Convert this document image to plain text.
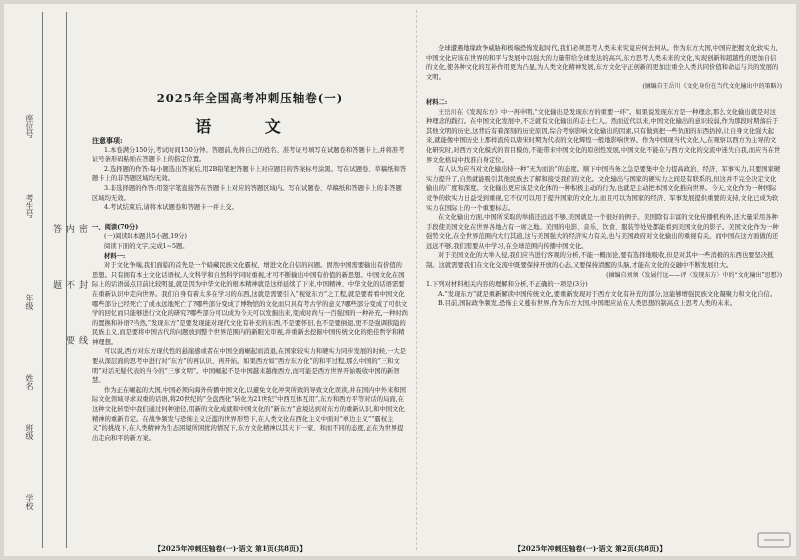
座位号
考生号
年级
姓名
班级
学校
密 封 线 内 不 要 答 题
2025年全国高考冲刺压轴卷(一)
语 文
注意事项:

1.本卷满分150分,考试时间150分钟。答题前,先将自己的姓名、准考证号填写在试题卷和答题卡上,并将准考证号条形码粘贴在答题卡上的指定位置。

2.选择题的作答:每小题选出答案后,用2B铅笔把答题卡上对应题目的答案标号涂黑。写在试题卷、草稿纸和答题卡上的非答题区域均无效。

3.非选择题的作答:用签字笔直接答在答题卡上对应的答题区域内。写在试题卷、草稿纸和答题卡上的非答题区域均无效。

4.考试结束后,请将本试题卷和答题卡一并上交。

一、阅读(70分)

(一)阅读Ⅰ(本题共5小题,19分)

阅读下面的文字,完成1~5题。

材料一:

对于文化争端,我们面临的首先是一个暗藏民族文化霸权、增进文化自信的问题。固然中国需要输出有价值的思想。只有拥有本土文化话语权,人文科学和自然科学同时重视,才可不断输出中国有价值的新思想。中国文化在国际上的话语弱点目前比较明显,就是因为中华文化的根本精神就是这样延续了下来,中国精神、中华文化的话语需要在重新认识中走向世界。我们自身有着太多在学习的东西,这就是需要引入“视觉东方”之工程,就是要看看中国文化哪些部分已经死亡了或永远地死亡了?哪些部分变成了博物馆的文化而只具有考古学的意义?哪些部分变成了可供文学的回忆而只能够进行文化的研究?哪些部分可以成为今天可以发掘出来,变成时尚与一百强国的一种补充,一种时尚的置换和补语?当然,“发现东方”是要发现能对现代文化有补充的东西,不是要怀旧,也不是要倒退,更不是强调狭隘的民族主义,而是要将中国古代的问题放到整个世界范围内的新眼光审视,并重新去挖掘中国传统文化的绝佳哲学和精神理想。

可以说,西方对东方现代性的悬崖感或者在中国全面崛起而消退,在国家较实力和硬实力同步发展的时候,一大是要从深层面的思考中进行对“东方”的再认识、再开拓。如果西方如“西方东方化”的和平过程,那么中国的“三和文明”对话无疑代表的当今的“三事文明”。中国崛起不是中国越来越像西方,而可能是西方世界开始吸收中国的新智慧。

作为正在崛起的大国,中国必须向海外传播中国文化,以避免文化冲突所致的导致文化误读,并在国内中外来和国际文化领域寻求双重的话语,将20世纪的“全盘西化”转化为21世纪“中西互体互用”,东方和西方平等对话的局面,在这种文化转型中我们通过何种途径,用新的文化成就和中国文化的“新东方”意境达到对东方的重新认识,和中国文化精神的重新肯定。在战争频发与恐怖主义泛滥的世界形势下,在人类文化在西化主义中面对“单边主义”“霸权主义”的挑战下,在人类精神为生态困境所困扰的情况下,东方文化精神以其天下一家、和而不同的态度,正在为世界提出走向和平的新方案。

全球遭遇地缘政争威胁和极端恐怖发起时代,我们必须思考人类未来究竟应何去何从。作为东方大国,中国应把握文化软实力,中国文化应该在世界的和平与发展中以强大的力量带给全球发达的高兴,东方思考人类未来的文化,实现创新和超越性的更加自信的文化,使各种文化的互补作用更为凸显,为人类文化精神发展,东方文化守正创新的更加注重全人类共同价值和命运与共的发展的文明。

(摘编自王岳川《文化身份在当代文化输出中的策略》)
材料二:

王岳川在《发现东方》中一再申明,“文化输出是发现东方的重要一环”。如果说发现东方是一种理念,那么文化输出就是对这种理念的践行。在中国文化发展中,不乏就有文化输出的志士仁人。然而近代以来,中国文化输出的意识较弱,作为那段时期落后于其他文明的历史,这背后有着深刻的历史原因,综合考察影响文化输出的因素,只有做到把一些负面的东西扔掉,让自身文化强大起来,就能像中国历史上那样流传以唐宋时期为代表的文化辉煌一般地影响世界。作为中国现当代文化人,在观察以西方为主导的文化研究时,对西方文化模式的盲目模仿,不能带来中国文化的原创性发展,中国文化不能在与西方文化的交流中迷失自我,而应当在世界文化格局中找准自身定位。

有人认为应当对文化输出持一种“无为而治”的态度。顺下中国当务之急是要集中全力提高政治、经济、军事实力,只要国家硬实力提升了,自然就能吸引其他民族去了解和接受我们的文化。文化输出与国家的硬实力之间是有联系的,但这并不完全决定文化输出的广度和深度。文化输出更应该是文化体的一种积极主动的行为,也就是主动把本国文化推向世界。今天,文化作为一种国际竞争的软实力日益受到重视,它不仅可以用于提升国家的文化力,而且可以为国家的经济、军事发展提供重要的支持,文化已成为软实力在国际上的一个重要标志。

在文化输出方面,中国所采取的举措还远远不够,美国就是一个很好的例子。美国除有丰富的文化传播机构外,还大量采用各种手段使美国文化在世界各地占有一席之地。美国的电影、音乐、饮食、服装等处处都能看到美国文化的影子。美国文化作为一种强势文化,在全世界范围内大行其道,这与美国强大的经济实力有关,也与美国政府对文化输出的重视有关。而中国在这方面做的还远远不够,我们需要从中学习,在全球范围内传播中国文化。

对于美国文化的大举入侵,我们应当进行客观的分析,不能一概而论,要有选择地吸收,但是对其中一些消极的东西也要坚决抵制。这就需要我们在文化交流中既要保持开放的心态,又要保持清醒的头脑,才能在文化的交融中不断发展壮大。

(摘编自刘须《发展行远——评〈发现东方〉中的“文化输出”思想》)
1.下列对材料相关内容的理解和分析,不正确的一项是(3分)

A.“发现东方”就是重新解读中国传统文化,要重新发现对于西方文化有补充的部分,这能够增强民族文化凝聚力和文化自信。

B.目前,国际政争频发,恐怖主义蔓布世界,作为东方大国,中国理应站在人类思想的制高点上思考人类的未来。

【2025年冲刺压轴卷(一)·语文 第1页(共8页)】	【2025年冲刺压轴卷(一)·语文 第2页(共8页)】
